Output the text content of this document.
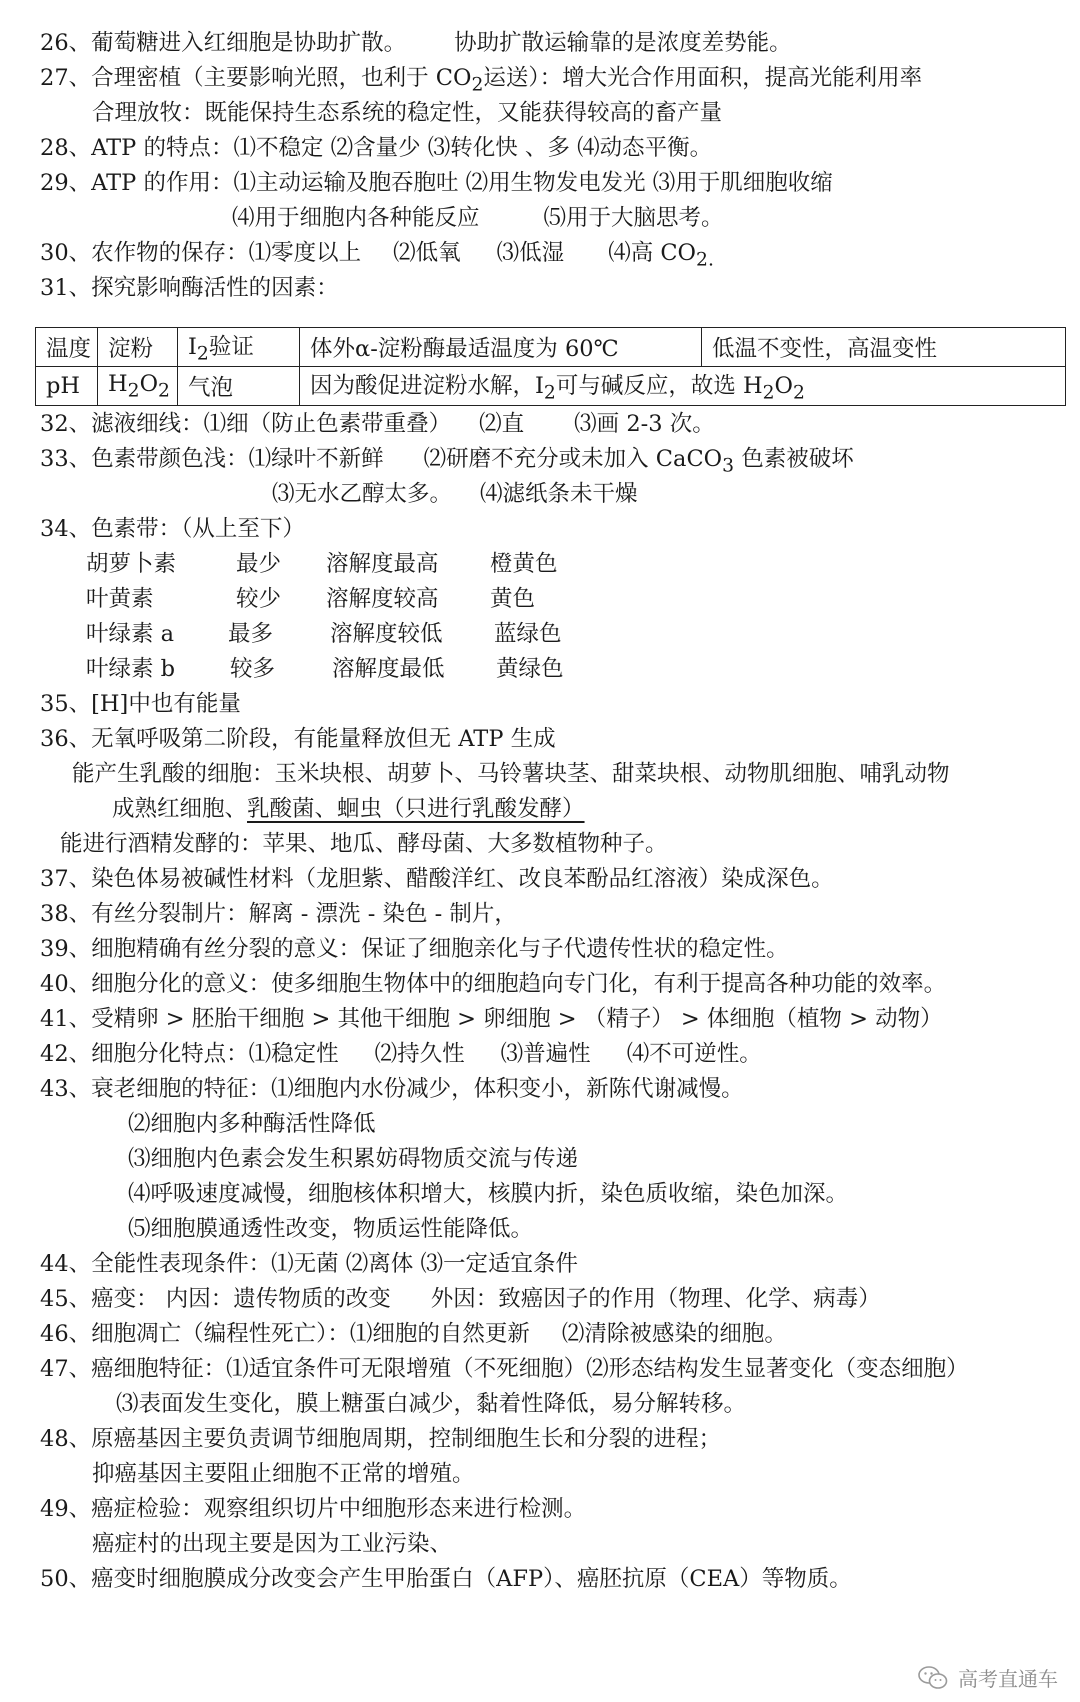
26、葡萄糖进入红细胞是协助扩散。 协助扩散运输靠的是浓度差势能。
27、合理密植（主要影响光照，也利于 $CO_2$运送）：增大光合作用面积，提高光能利用率
合理放牧：既能保持生态系统的稳定性，又能获得较高的畜产量
28、ATP 的特点：⑴不稳定 ⑵含量少 ⑶转化快 、多 ⑷动态平衡。
29、ATP 的作用：⑴主动运输及胞吞胞吐 ⑵用生物发电发光 ⑶用于肌细胞收缩
⑷用于细胞内各种能反应	⑸用于大脑思考。
30、农作物的保存：⑴零度以上 ⑵低氧 ⑶低湿 ⑷高 $CO_{2.}$
31、探究影响酶活性的因素：
温度	淀粉	$I_2$验证	体外α-淀粉酶最适温度为 60℃	低温不变性，高温变性
pH	$H_2O_2$	气泡	因为酸促进淀粉水解，$I_2$可与碱反应，故选 $H_2O_2$
32、滤液细线：⑴细（防止色素带重叠） ⑵直 ⑶画 2-3 次。
33、色素带颜色浅：⑴绿叶不新鲜 ⑵研磨不充分或未加入 CaCO$_3$ 色素被破坏
⑶无水乙醇太多。 ⑷滤纸条未干燥
34、色素带：（从上至下）
胡萝卜素	最少 溶解度最高 橙黄色
叶黄素	较少 溶解度较高 黄色
叶绿素 a 最多	溶解度较低 蓝绿色
叶绿素 b 较多	溶解度最低 黄绿色
35、[H]中也有能量
36、无氧呼吸第二阶段，有能量释放但无 ATP 生成
能产生乳酸的细胞：玉米块根、胡萝卜、马铃薯块茎、甜菜块根、动物肌细胞、哺乳动物
成熟红细胞、乳酸菌、蛔虫（只进行乳酸发酵）
能进行酒精发酵的：苹果、地瓜、酵母菌、大多数植物种子。
37、染色体易被碱性材料（龙胆紫、醋酸洋红、改良苯酚品红溶液）染成深色。
38、有丝分裂制片：解离 - 漂洗 - 染色 - 制片，
39、细胞精确有丝分裂的意义：保证了细胞亲化与子代遗传性状的稳定性。
40、细胞分化的意义：使多细胞生物体中的细胞趋向专门化，有利于提高各种功能的效率。
41、受精卵 > 胚胎干细胞 > 其他干细胞 > 卵细胞 > （精子） > 体细胞（植物 > 动物）
42、细胞分化特点：⑴稳定性 ⑵持久性 ⑶普遍性 ⑷不可逆性。
43、衰老细胞的特征：⑴细胞内水份减少，体积变小，新陈代谢减慢。
⑵细胞内多种酶活性降低
⑶细胞内色素会发生积累妨碍物质交流与传递
⑷呼吸速度减慢，细胞核体积增大，核膜内折，染色质收缩，染色加深。
⑸细胞膜通透性改变，物质运性能降低。
44、全能性表现条件：⑴无菌 ⑵离体 ⑶一定适宜条件
45、癌变： 内因：遗传物质的改变 外因：致癌因子的作用（物理、化学、病毒）
46、细胞凋亡（编程性死亡）：⑴细胞的自然更新 ⑵清除被感染的细胞。
47、癌细胞特征：⑴适宜条件可无限增殖（不死细胞）⑵形态结构发生显著变化（变态细胞）
⑶表面发生变化，膜上糖蛋白减少，黏着性降低，易分解转移。
48、原癌基因主要负责调节细胞周期，控制细胞生长和分裂的进程；
抑癌基因主要阻止细胞不正常的增殖。
49、癌症检验：观察组织切片中细胞形态来进行检测。
癌症村的出现主要是因为工业污染、
50、癌变时细胞膜成分改变会产生甲胎蛋白（AFP）、癌胚抗原（CEA）等物质。
高考直通车
